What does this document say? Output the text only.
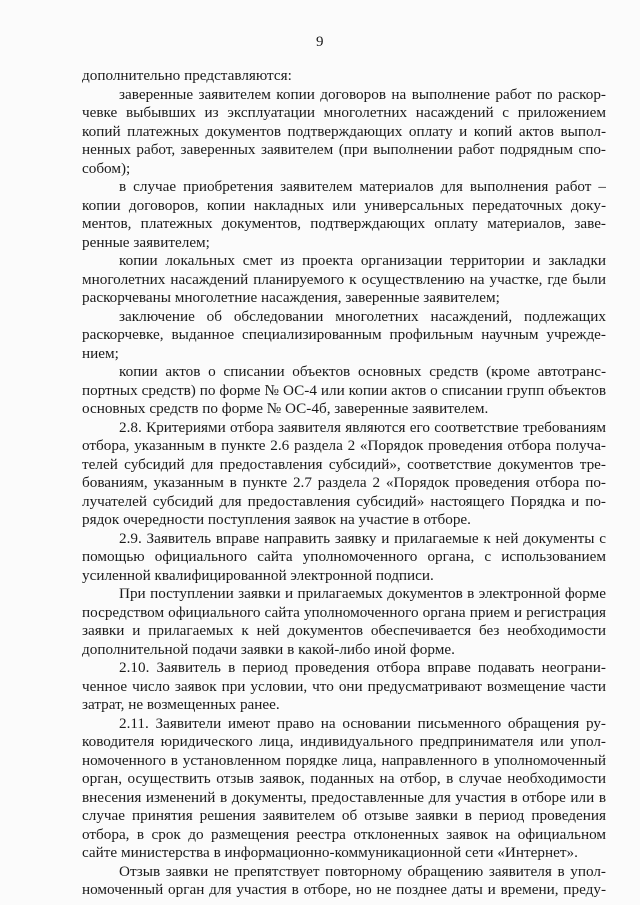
9
дополнительно представляются:
заверенные заявителем копии договоров на выполнение работ по раскор-
чевке выбывших из эксплуатации многолетних насаждений с приложением
копий платежных документов подтверждающих оплату и копий актов выпол-
ненных работ, заверенных заявителем (при выполнении работ подрядным спо-
собом);
в случае приобретения заявителем материалов для выполнения работ –
копии договоров, копии накладных или универсальных передаточных доку-
ментов, платежных документов, подтверждающих оплату материалов, заве-
ренные заявителем;
копии локальных смет из проекта организации территории и закладки
многолетних насаждений планируемого к осуществлению на участке, где были
раскорчеваны многолетние насаждения, заверенные заявителем;
заключение об обследовании многолетних насаждений, подлежащих
раскорчевке, выданное специализированным профильным научным учрежде-
нием;
копии актов о списании объектов основных средств (кроме автотранс-
портных средств) по форме № ОС-4 или копии актов о списании групп объектов
основных средств по форме № ОС-4б, заверенные заявителем.
2.8. Критериями отбора заявителя являются его соответствие требованиям
отбора, указанным в пункте 2.6 раздела 2 «Порядок проведения отбора получа-
телей субсидий для предоставления субсидий», соответствие документов тре-
бованиям, указанным в пункте 2.7 раздела 2 «Порядок проведения отбора по-
лучателей субсидий для предоставления субсидий» настоящего Порядка и по-
рядок очередности поступления заявок на участие в отборе.
2.9. Заявитель вправе направить заявку и прилагаемые к ней документы с
помощью официального сайта уполномоченного органа, с использованием
усиленной квалифицированной электронной подписи.
При поступлении заявки и прилагаемых документов в электронной форме
посредством официального сайта уполномоченного органа прием и регистрация
заявки и прилагаемых к ней документов обеспечивается без необходимости
дополнительной подачи заявки в какой-либо иной форме.
2.10. Заявитель в период проведения отбора вправе подавать неограни-
ченное число заявок при условии, что они предусматривают возмещение части
затрат, не возмещенных ранее.
2.11. Заявители имеют право на основании письменного обращения ру-
ководителя юридического лица, индивидуального предпринимателя или упол-
номоченного в установленном порядке лица, направленного в уполномоченный
орган, осуществить отзыв заявок, поданных на отбор, в случае необходимости
внесения изменений в документы, предоставленные для участия в отборе или в
случае принятия решения заявителем об отзыве заявки в период проведения
отбора, в срок до размещения реестра отклоненных заявок на официальном
сайте министерства в информационно-коммуникационной сети «Интернет».
Отзыв заявки не препятствует повторному обращению заявителя в упол-
номоченный орган для участия в отборе, но не позднее даты и времени, преду-
